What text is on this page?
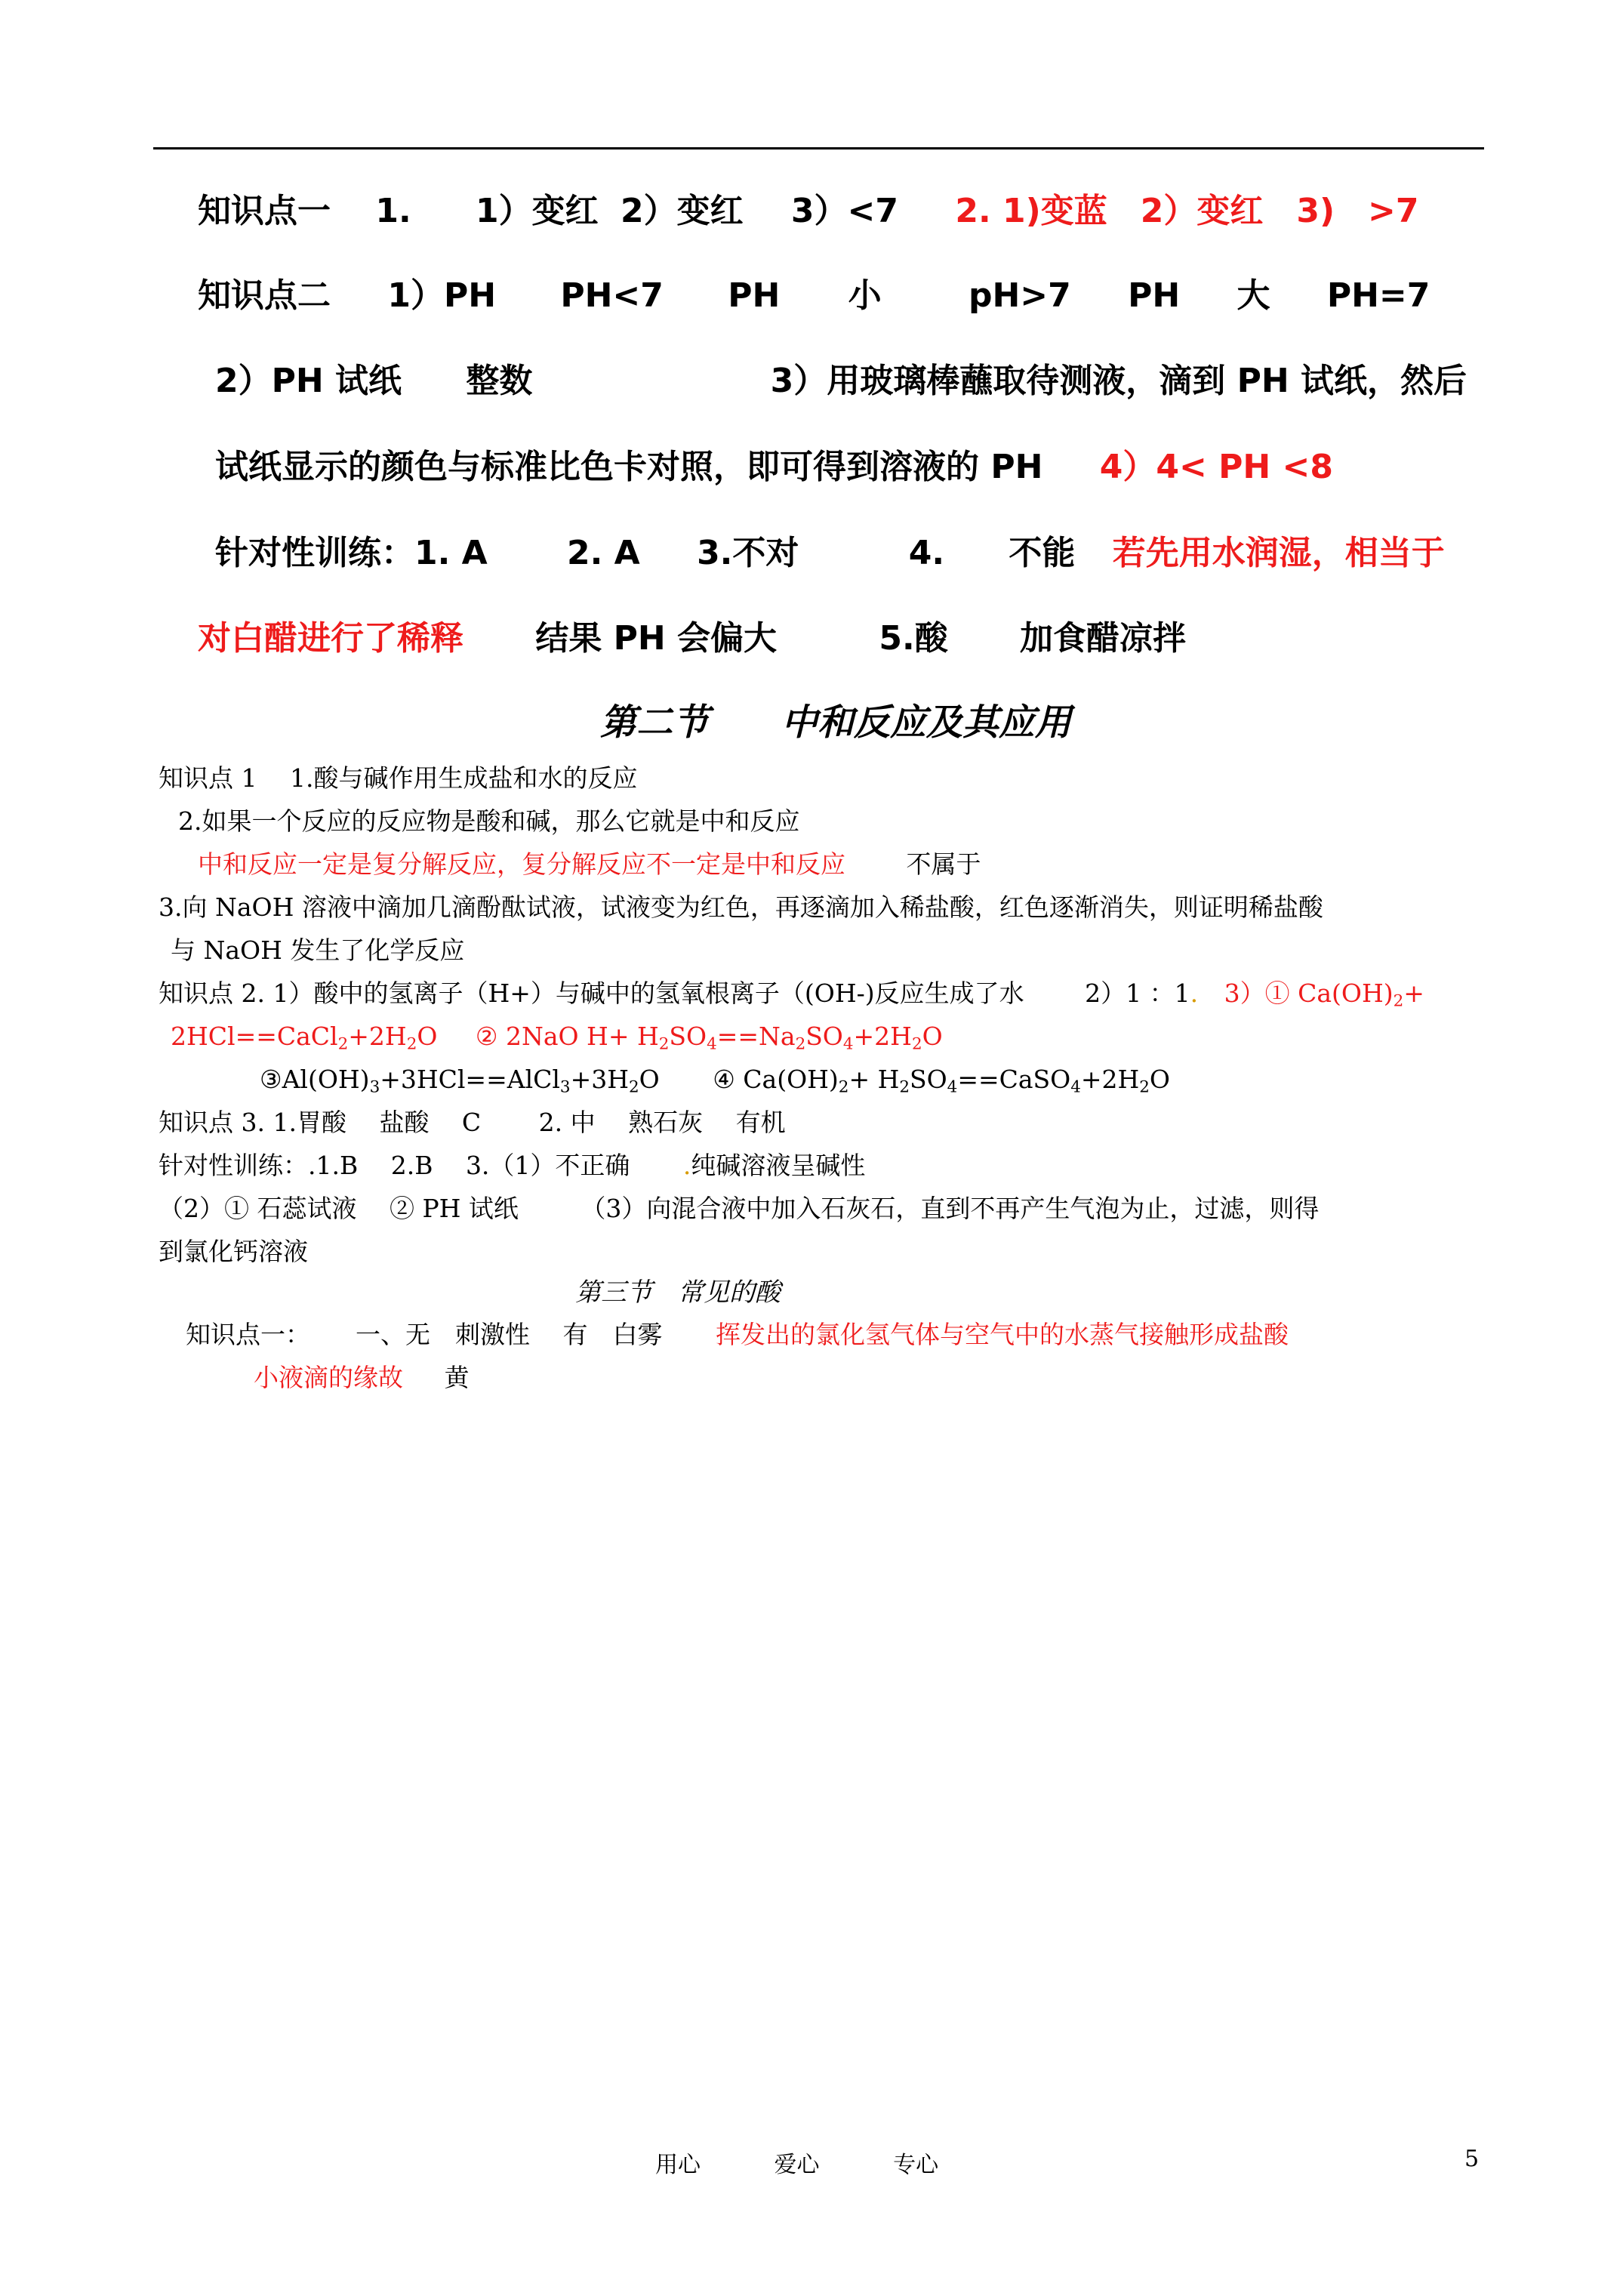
知识点一 1. 1）变红 2）变红 3）<7 2. 1)变蓝　2）变红　3)　>7
知识点二 1）PH PH<7 PH 小	pH>7 PH 大 PH=7
2）PH 试纸 整数	3）用玻璃棒蘸取待测液，滴到 PH 试纸，然后
试纸显示的颜色与标准比色卡对照，即可得到溶液的 PH 4）4< PH <8
针对性训练：1. A 2. A 3.不对	4. 不能 若先用水润湿，相当于
对白醋进行了稀释 结果 PH 会偏大	5.酸 加食醋凉拌
第二节　　中和反应及其应用
知识点 1　 1.酸与碱作用生成盐和水的反应
2.如果一个反应的反应物是酸和碱，那么它就是中和反应
中和反应一定是复分解反应，复分解反应不一定是中和反应 不属于
3.向 NaOH 溶液中滴加几滴酚酞试液，试液变为红色，再逐滴加入稀盐酸，红色逐渐消失，则证明稀盐酸
与 NaOH 发生了化学反应
知识点 2. 1）酸中的氢离子（H+）与碱中的氢氧根离子（(OH-)反应生成了水 2）1 ：1. 3）① $Ca(OH)_2+$
$2HCl==CaCl_2+2H_2O$ ② 2NaO $H+ H_2SO_4==Na_2SO_4+2H_2O$
$③Al(OH)_3+3HCl==AlCl_3+3H_2O$ ④ $Ca(OH)_2+$ $H_2SO_4==CaSO_4+2H_2O$
知识点 3. 1.胃酸　 盐酸　 C　　 2. 中　 熟石灰　 有机
针对性训练：.1.B　 2.B　 3.（1）不正确 .纯碱溶液呈碱性
（2）① 石蕊试液　 ② PH 试纸　　　（3）向混合液中加入石灰石，直到不再产生气泡为止，过滤，则得
到氯化钙溶液
第三节　常见的酸
知识点一：　　 一、无　刺激性　 有　白雾 挥发出的氯化氢气体与空气中的水蒸气接触形成盐酸
小液滴的缘故 黄
用心	爱心	专心	5
